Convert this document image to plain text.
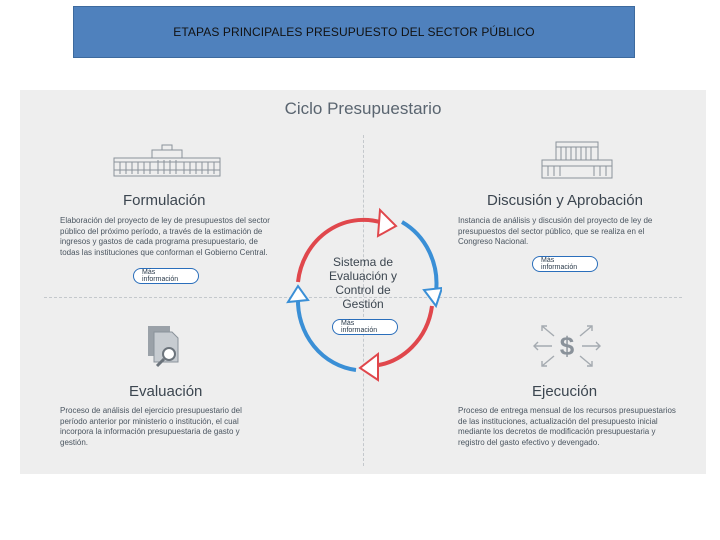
ETAPAS PRINCIPALES PRESUPUESTO DEL SECTOR PÚBLICO
Ciclo Presupuestario
Formulación
Elaboración del proyecto de ley de presupuestos del sector público del próximo período, a través de la estimación de ingresos y gastos de cada programa presupuestario, de todas las instituciones que conforman el Gobierno Central.
Más información
Discusión y Aprobación
Instancia de análisis y discusión del proyecto de ley de presupuestos del sector público, que se realiza en el Congreso Nacional.
Más información
Evaluación
Proceso de análisis del ejercicio presupuestario del período anterior por ministerio o institución, el cual incorpora la información presupuestaria de gasto y gestión.
$
Ejecución
Proceso de entrega mensual de los recursos presupuestarios de las instituciones, actualización del presupuesto inicial mediante los decretos de modificación presupuestaria y registro del gasto efectivo y devengado.
Sistema de
Evaluación y
Control de
Gestión
Más información
